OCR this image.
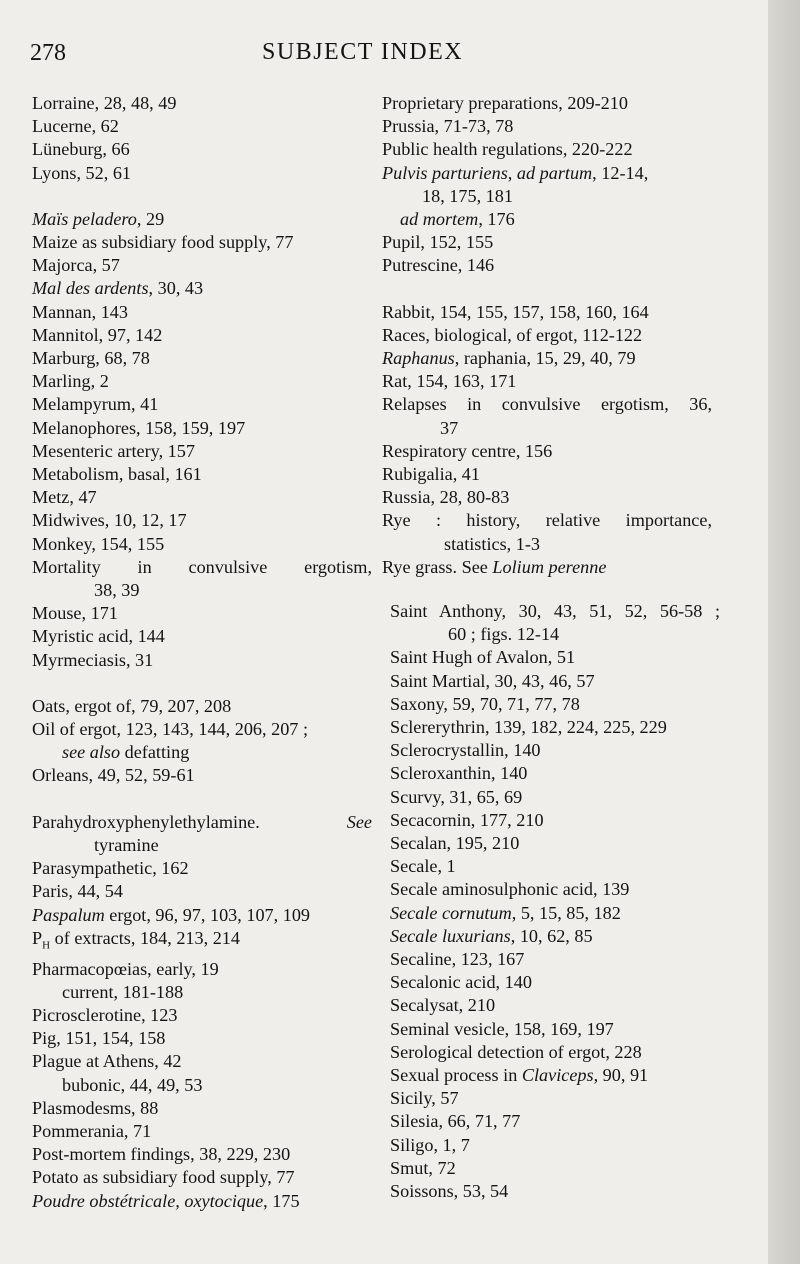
278	SUBJECT INDEX
Lorraine, 28, 48, 49
Lucerne, 62
Lüneburg, 66
Lyons, 52, 61
Maïs peladero, 29
Maize as subsidiary food supply, 77
Majorca, 57
Mal des ardents, 30, 43
Mannan, 143
Mannitol, 97, 142
Marburg, 68, 78
Marling, 2
Melampyrum, 41
Melanophores, 158, 159, 197
Mesenteric artery, 157
Metabolism, basal, 161
Metz, 47
Midwives, 10, 12, 17
Monkey, 154, 155
Mortality in convulsive ergotism,
38, 39
Mouse, 171
Myristic acid, 144
Myrmeciasis, 31
Oats, ergot of, 79, 207, 208
Oil of ergot, 123, 143, 144, 206, 207 ;
see also defatting
Orleans, 49, 52, 59-61
Parahydroxyphenylethylamine.	See
tyramine
Parasympathetic, 162
Paris, 44, 54
Paspalum ergot, 96, 97, 103, 107, 109
$P_H$ of extracts, 184, 213, 214
Pharmacopœias, early, 19
current, 181-188
Picrosclerotine, 123
Pig, 151, 154, 158
Plague at Athens, 42
bubonic, 44, 49, 53
Plasmodesms, 88
Pommerania, 71
Post-mortem findings, 38, 229, 230
Potato as subsidiary food supply, 77
Poudre obstétricale, oxytocique, 175
Proprietary preparations, 209-210
Prussia, 71-73, 78
Public health regulations, 220-222
Pulvis parturiens, ad partum, 12-14,
18, 175, 181
ad mortem, 176
Pupil, 152, 155
Putrescine, 146
Rabbit, 154, 155, 157, 158, 160, 164
Races, biological, of ergot, 112-122
Raphanus, raphania, 15, 29, 40, 79
Rat, 154, 163, 171
Relapses in convulsive ergotism, 36,
37
Respiratory centre, 156
Rubigalia, 41
Russia, 28, 80-83
Rye : history, relative importance,
statistics, 1-3
Rye grass. See Lolium perenne
Saint Anthony, 30, 43, 51, 52, 56-58 ;
60 ; figs. 12-14
Saint Hugh of Avalon, 51
Saint Martial, 30, 43, 46, 57
Saxony, 59, 70, 71, 77, 78
Sclererythrin, 139, 182, 224, 225, 229
Sclerocrystallin, 140
Scleroxanthin, 140
Scurvy, 31, 65, 69
Secacornin, 177, 210
Secalan, 195, 210
Secale, 1
Secale aminosulphonic acid, 139
Secale cornutum, 5, 15, 85, 182
Secale luxurians, 10, 62, 85
Secaline, 123, 167
Secalonic acid, 140
Secalysat, 210
Seminal vesicle, 158, 169, 197
Serological detection of ergot, 228
Sexual process in Claviceps, 90, 91
Sicily, 57
Silesia, 66, 71, 77
Siligo, 1, 7
Smut, 72
Soissons, 53, 54
